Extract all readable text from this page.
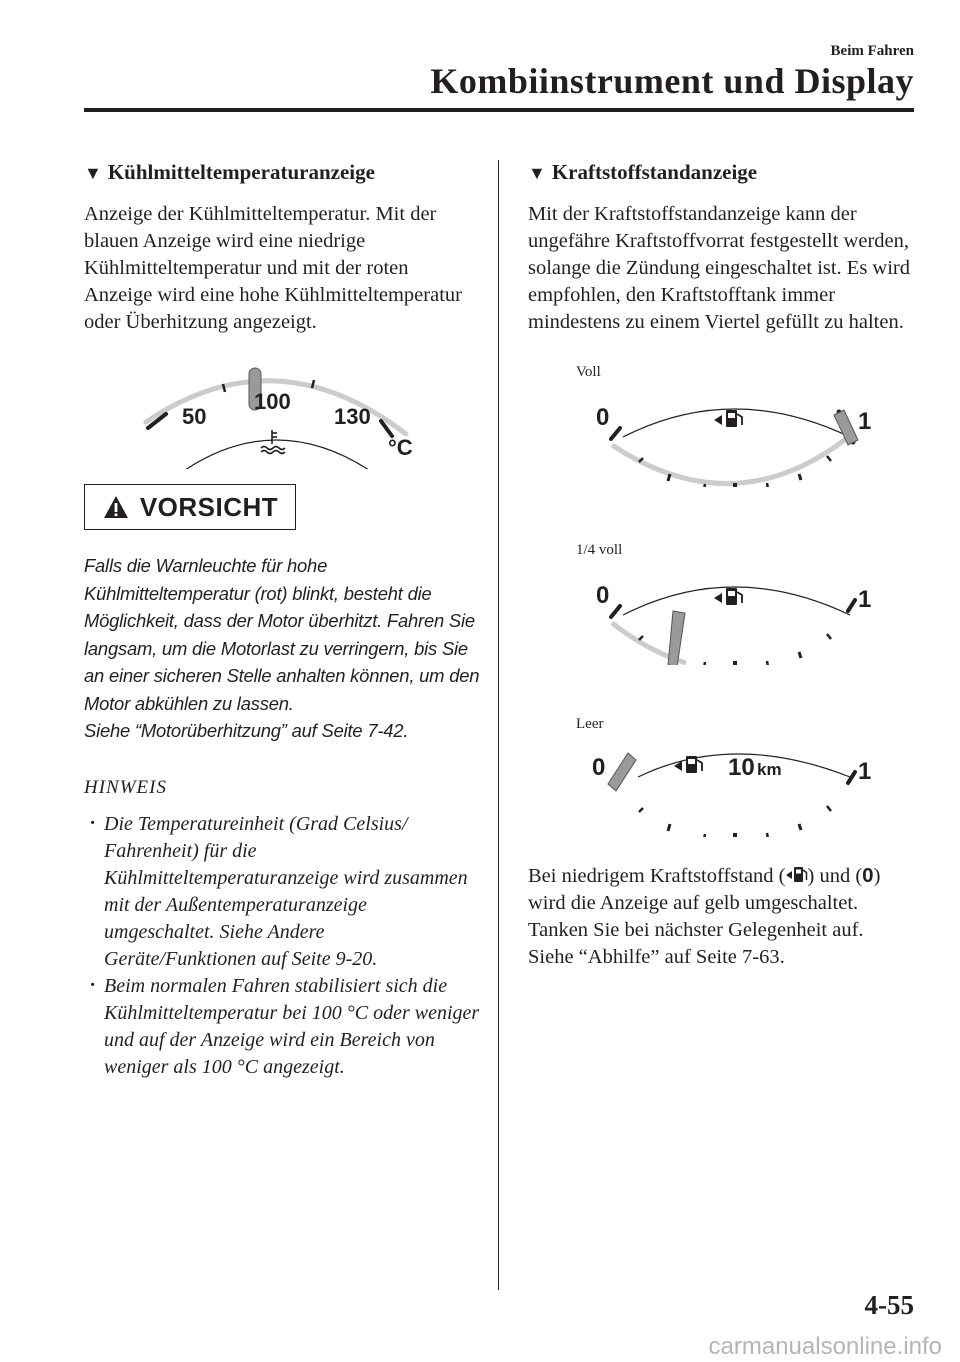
Beim Fahren
Kombiinstrument und Display
▼ Kühlmitteltemperaturanzeige

Anzeige der Kühlmitteltemperatur. Mit der blauen Anzeige wird eine niedrige Kühlmitteltemperatur und mit der roten Anzeige wird eine hohe Kühlmitteltemperatur oder Überhitzung angezeigt.

50
100
130
°C
VORSICHT
Falls die Warnleuchte für hohe Kühlmitteltemperatur (rot) blinkt, besteht die Möglichkeit, dass der Motor überhitzt. Fahren Sie langsam, um die Motorlast zu verringern, bis Sie an einer sicheren Stelle anhalten können, um den Motor abkühlen zu lassen.
Siehe “Motorüberhitzung” auf Seite 7-42.
HINWEIS
· Die Temperatureinheit (Grad Celsius/ Fahrenheit) für die Kühlmitteltemperaturanzeige wird zusammen mit der Außentemperaturanzeige umgeschaltet. Siehe Andere Geräte/Funktionen auf Seite 9-20.
· Beim normalen Fahren stabilisiert sich die Kühlmitteltemperatur bei 100 °C oder weniger und auf der Anzeige wird ein Bereich von weniger als 100 °C angezeigt.
▼ Kraftstoffstandanzeige

Mit der Kraftstoffstandanzeige kann der ungefähre Kraftstoffvorrat festgestellt werden, solange die Zündung eingeschaltet ist. Es wird empfohlen, den Kraftstofftank immer mindestens zu einem Viertel gefüllt zu halten.

Voll
0	1
1/4 voll
0	1
Leer
0	1
10 km

Bei niedrigem Kraftstoffstand ( ) und (0) wird die Anzeige auf gelb umgeschaltet. Tanken Sie bei nächster Gelegenheit auf.
Siehe “Abhilfe” auf Seite 7-63.

4-55
carmanualsonline.info
